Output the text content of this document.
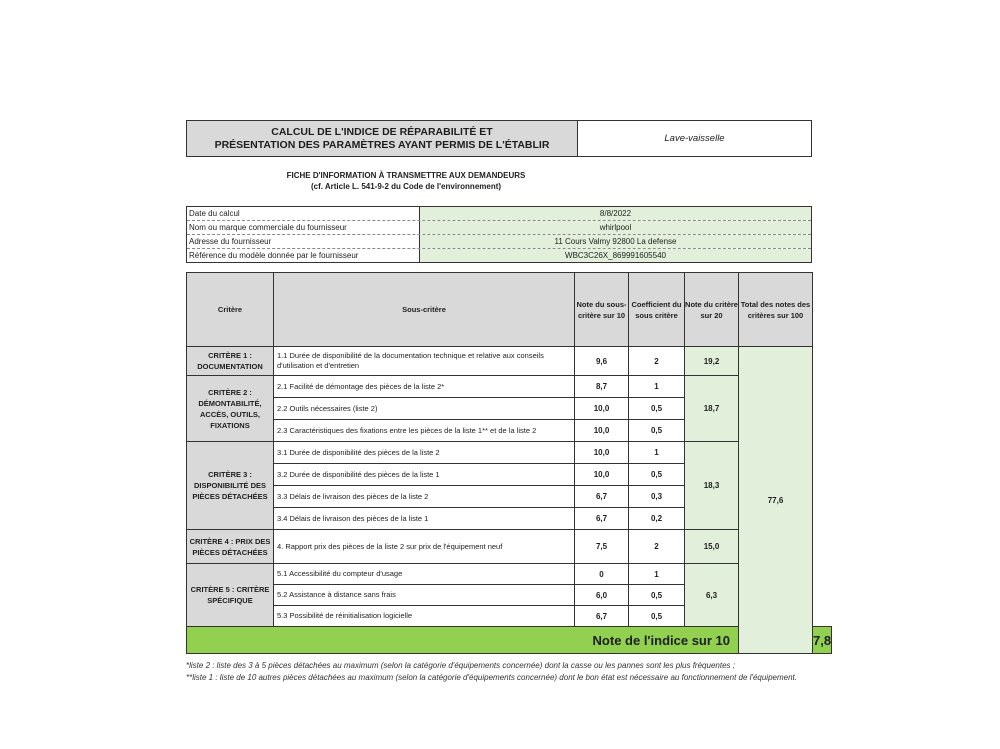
CALCUL DE L'INDICE DE RÉPARABILITÉ ET
PRÉSENTATION DES PARAMÈTRES AYANT PERMIS DE L'ÉTABLIR	Lave-vaisselle
FICHE D'INFORMATION À TRANSMETTRE AUX DEMANDEURS
(cf. Article L. 541-9-2 du Code de l'environnement)
Date du calcul	8/8/2022
Nom ou marque commerciale du fournisseur	whirlpool
Adresse du fournisseur	11 Cours Valmy 92800 La defense
Référence du modèle donnée par le fournisseur	WBC3C26X_869991605540
Critère	Sous-critère	Note du sous-critère sur 10	Coefficient du sous critère	Note du critère sur 20	Total des notes des critères sur 100	
CRITÈRE 1 : DOCUMENTATION	1.1 Durée de disponibilité de la documentation technique et relative aux conseils d'utilisation et d'entretien	9,6	2	19,2	77,6	
CRITÈRE 2 : DÉMONTABILITÉ, ACCÈS, OUTILS, FIXATIONS	2.1 Facilité de démontage des pièces de la liste 2*	8,7	1	18,7		
	2.2 Outils nécessaires (liste 2)	10,0	0,5			
	2.3 Caractéristiques des fixations entre les pièces de la liste 1** et de la liste 2	10,0	0,5			
CRITÈRE 3 : DISPONIBILITÉ DES PIÈCES DÉTACHÉES	3.1 Durée de disponibilité des pièces de la liste 2	10,0	1	18,3		
	3.2 Durée de disponibilité des pièces de la liste 1	10,0	0,5			
	3.3 Délais de livraison des pièces de la liste 2	6,7	0,3			
	3.4 Délais de livraison des pièces de la liste 1	6,7	0,2			
CRITÈRE 4 : PRIX DES PIÈCES DÉTACHÉES	4. Rapport prix des pièces de la liste 2 sur prix de l'équipement neuf	7,5	2	15,0		
CRITÈRE 5 : CRITÈRE SPÉCIFIQUE	5.1 Accessibilité du compteur d'usage	0	1	6,3		
	5.2 Assistance à distance sans frais	6,0	0,5			
	5.3 Possibilité de réinitialisation logicielle	6,7	0,5			
Note de l'indice sur 10						7,8
*liste 2 : liste des 3 à 5 pièces détachées au maximum (selon la catégorie d'équipements concernée) dont la casse ou les pannes sont les plus fréquentes ;
**liste 1 : liste de 10 autres pièces détachées au maximum (selon la catégorie d'équipements concernée) dont le bon état est nécessaire au fonctionnement de l'équipement.
